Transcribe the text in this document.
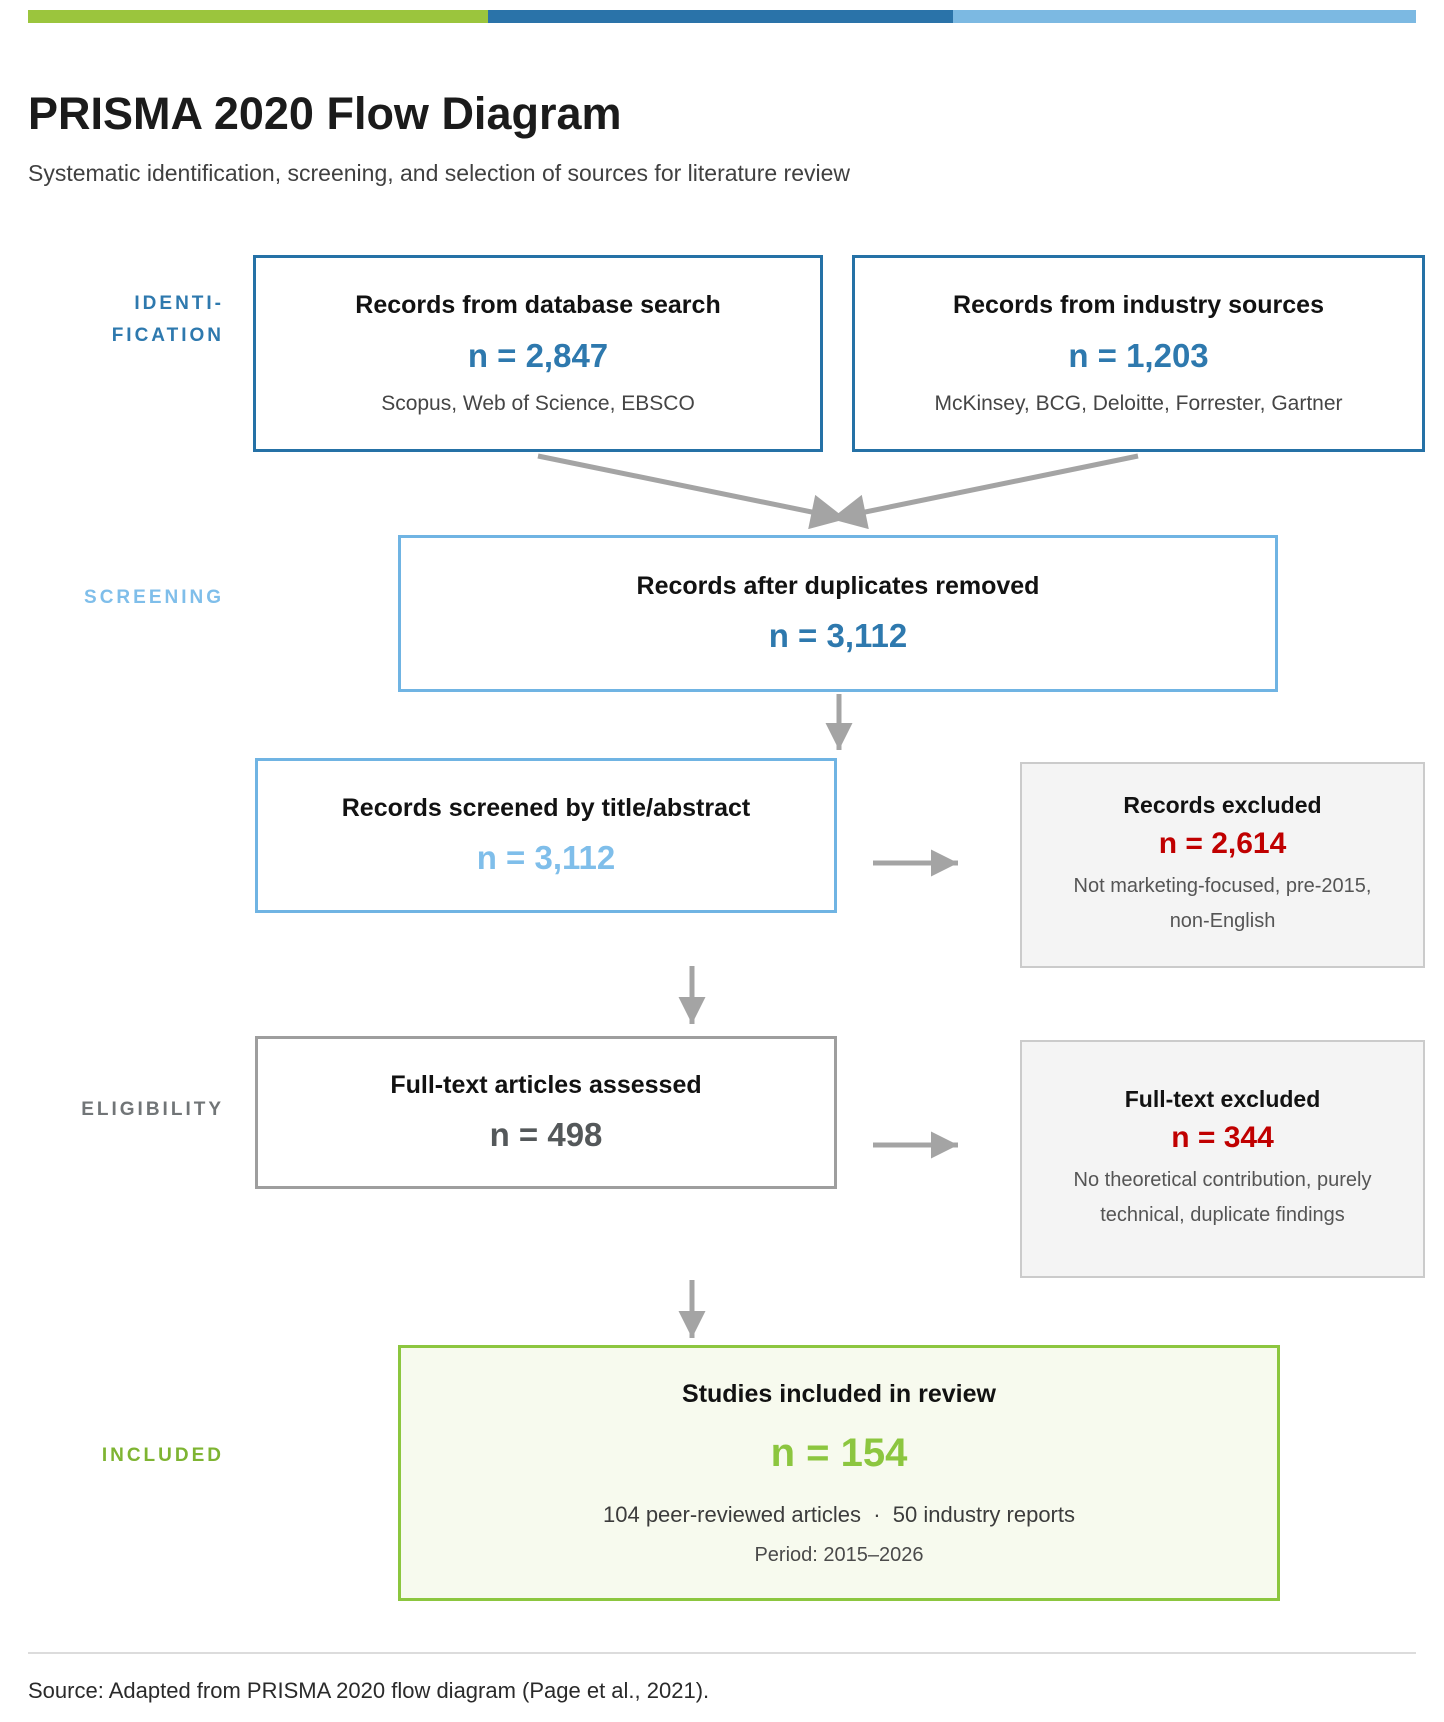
PRISMA 2020 Flow Diagram

Systematic identification, screening, and selection of sources for literature review

IDENTI-
FICATION
SCREENING
ELIGIBILITY
INCLUDED
Records from database search
n = 2,847
Scopus, Web of Science, EBSCO
Records from industry sources
n = 1,203
McKinsey, BCG, Deloitte, Forrester, Gartner
Records after duplicates removed
n = 3,112
Records screened by title/abstract
n = 3,112
Records excluded
n = 2,614
Not marketing-focused, pre-2015, non-English
Full-text articles assessed
n = 498
Full-text excluded
n = 344
No theoretical contribution, purely technical, duplicate findings
Studies included in review
n = 154
104 peer-reviewed articles  ·  50 industry reports
Period: 2015–2026

Source: Adapted from PRISMA 2020 flow diagram (Page et al., 2021).
